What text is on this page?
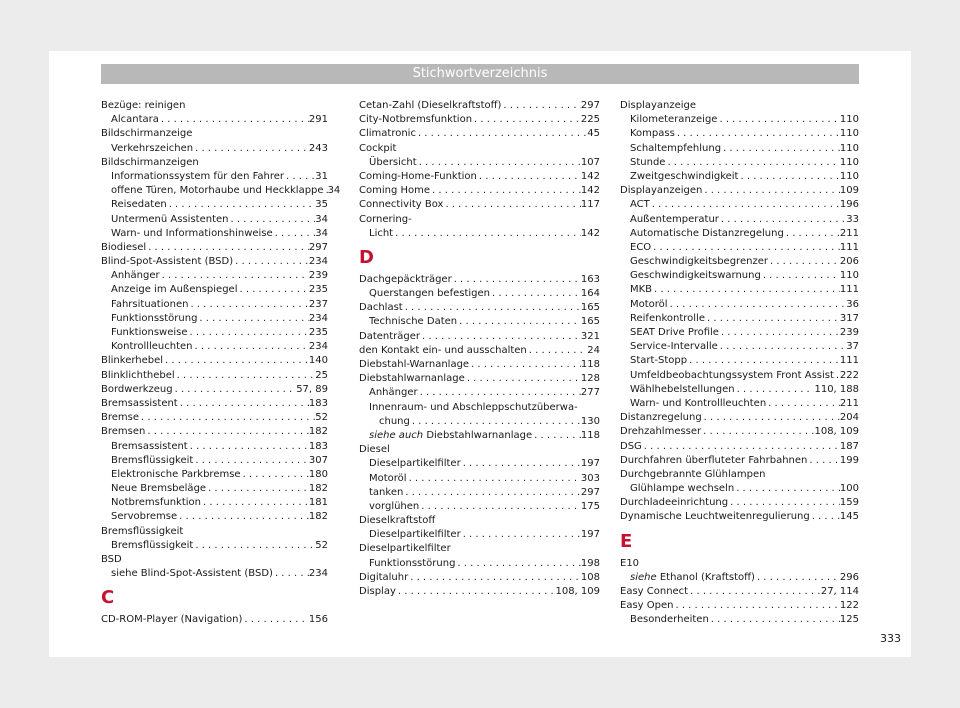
Stichwortverzeichnis
Bezüge: reinigen
Alcantara . . .	291
Bildschirmanzeige
Verkehrszeichen . . .	243
Bildschirmanzeigen
Informationssystem für den Fahrer . . .	31
offene Türen, Motorhaube und Heckklappe . . . 34
Reisedaten . . .	35
Untermenü Assistenten . . .	34
Warn- und Informationshinweise . . .	34
Biodiesel . . .	297
Blind-Spot-Assistent (BSD) . . .	234
Anhänger . . .	239
Anzeige im Außenspiegel . . .	235
Fahrsituationen . . .	237
Funktionsstörung . . .	234
Funktionsweise . . .	235
Kontrollleuchten . . .	234
Blinkerhebel . . .	140
Blinklichthebel . . .	25
Bordwerkzeug . . .	57, 89
Bremsassistent . . .	183
Bremse . . .	52
Bremsen . . .	182
Bremsassistent . . .	183
Bremsflüssigkeit . . .	307
Elektronische Parkbremse . . .	180
Neue Bremsbeläge . . .	182
Notbremsfunktion . . .	181
Servobremse . . .	182
Bremsflüssigkeit
Bremsflüssigkeit . . .	52
BSD
siehe Blind-Spot-Assistent (BSD) . . .	234
C
CD-ROM-Player (Navigation) . . .	156
Cetan-Zahl (Dieselkraftstoff) . . .	297
City-Notbremsfunktion . . .	225
Climatronic . . .	45
Cockpit
Übersicht . . .	107
Coming-Home-Funktion . . .	142
Coming Home . . .	142
Connectivity Box . . .	117
Cornering-
Licht . . .	142
D
Dachgepäckträger . . .	163
Querstangen befestigen . . .	164
Dachlast . . .	165
Technische Daten . . .	165
Datenträger . . .	321
den Kontakt ein- und ausschalten . . .	24
Diebstahl-Warnanlage . . .	118
Diebstahlwarnanlage . . .	128
Anhänger . . .	277
Innenraum- und Abschleppschutzüberwa-
chung . . .	130
siehe auch Diebstahlwarnanlage . . .	118
Diesel
Dieselpartikelfilter . . .	197
Motoröl . . .	303
tanken . . .	297
vorglühen . . .	175
Dieselkraftstoff
Dieselpartikelfilter . . .	197
Dieselpartikelfilter
Funktionsstörung . . .	198
Digitaluhr . . .	108
Display . . .	108, 109
Displayanzeige
Kilometeranzeige . . .	110
Kompass . . .	110
Schaltempfehlung . . .	110
Stunde . . .	110
Zweitgeschwindigkeit . . .	110
Displayanzeigen . . .	109
ACT . . .	196
Außentemperatur . . .	33
Automatische Distanzregelung . . .	211
ECO . . .	111
Geschwindigkeitsbegrenzer . . .	206
Geschwindigkeitswarnung . . .	110
MKB . . .	111
Motoröl . . .	36
Reifenkontrolle . . .	317
SEAT Drive Profile . . .	239
Service-Intervalle . . .	37
Start-Stopp . . .	111
Umfeldbeobachtungssystem Front Assist . . . 222
Wählhebelstellungen . . .	110, 188
Warn- und Kontrollleuchten . . .	211
Distanzregelung . . .	204
Drehzahlmesser . . .	108, 109
DSG . . .	187
Durchfahren überfluteter Fahrbahnen . . .	199
Durchgebrannte Glühlampen
Glühlampe wechseln . . .	100
Durchladeeinrichtung . . .	159
Dynamische Leuchtweitenregulierung . . .	145
E
E10
siehe Ethanol (Kraftstoff) . . .	296
Easy Connect . . .	27, 114
Easy Open . . .	122
Besonderheiten . . .	125
333
